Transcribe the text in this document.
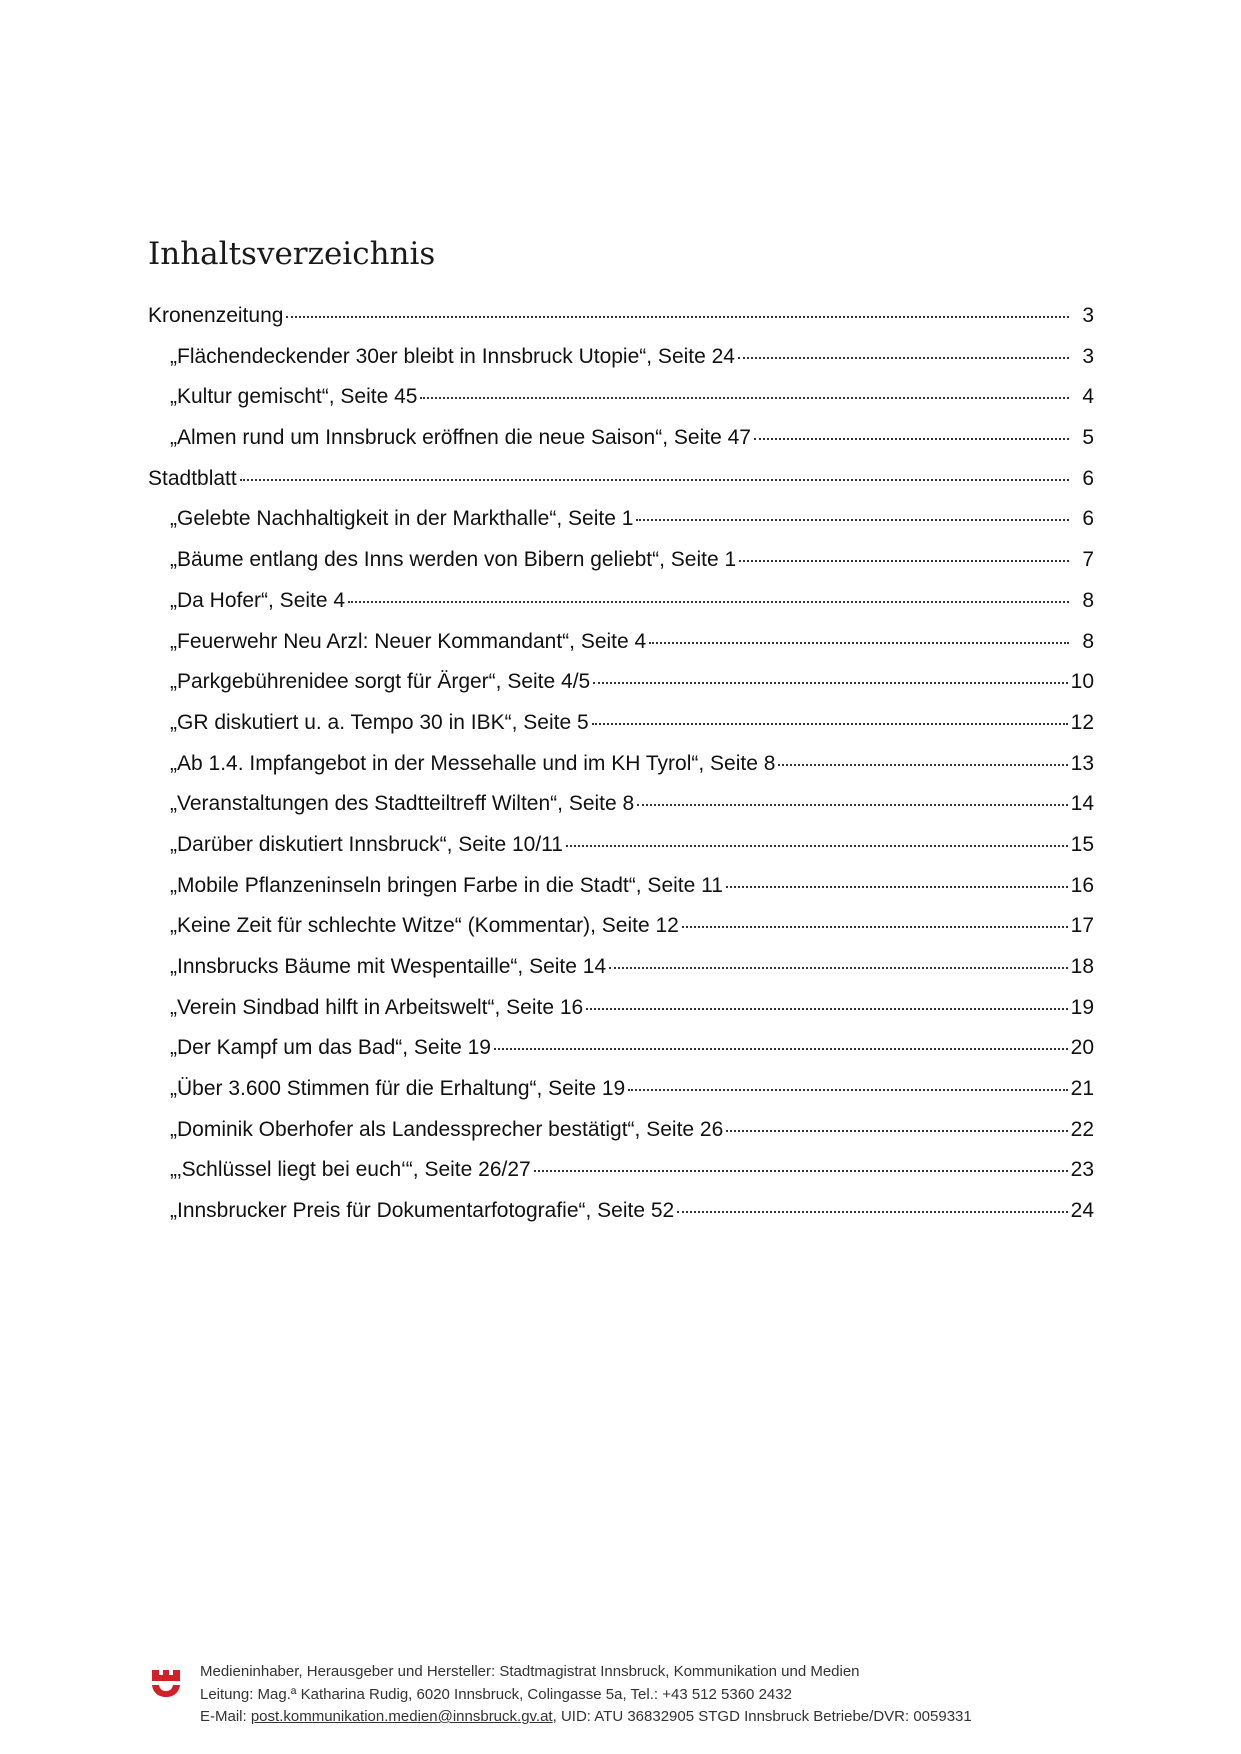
Inhaltsverzeichnis
Kronenzeitung	3
„Flächendeckender 30er bleibt in Innsbruck Utopie“, Seite 24	3
„Kultur gemischt“, Seite 45	4
„Almen rund um Innsbruck eröffnen die neue Saison“, Seite 47	5
Stadtblatt	6
„Gelebte Nachhaltigkeit in der Markthalle“, Seite 1	6
„Bäume entlang des Inns werden von Bibern geliebt“, Seite 1	7
„Da Hofer“, Seite 4	8
„Feuerwehr Neu Arzl: Neuer Kommandant“, Seite 4	8
„Parkgebührenidee sorgt für Ärger“, Seite 4/5	10
„GR diskutiert u. a. Tempo 30 in IBK“, Seite 5	12
„Ab 1.4. Impfangebot in der Messehalle und im KH Tyrol“, Seite 8	13
„Veranstaltungen des Stadtteiltreff Wilten“, Seite 8	14
„Darüber diskutiert Innsbruck“, Seite 10/11	15
„Mobile Pflanzeninseln bringen Farbe in die Stadt“, Seite 11	16
„Keine Zeit für schlechte Witze“ (Kommentar), Seite 12	17
„Innsbrucks Bäume mit Wespentaille“, Seite 14	18
„Verein Sindbad hilft in Arbeitswelt“, Seite 16	19
„Der Kampf um das Bad“, Seite 19	20
„Über 3.600 Stimmen für die Erhaltung“, Seite 19	21
„Dominik Oberhofer als Landessprecher bestätigt“, Seite 26	22
„‚Schlüssel liegt bei euch‘“, Seite 26/27	23
„Innsbrucker Preis für Dokumentarfotografie“, Seite 52	24
Medieninhaber, Herausgeber und Hersteller: Stadtmagistrat Innsbruck, Kommunikation und Medien
Leitung: Mag.ª Katharina Rudig, 6020 Innsbruck, Colingasse 5a, Tel.: +43 512 5360 2432
E-Mail: post.kommunikation.medien@innsbruck.gv.at, UID: ATU 36832905 STGD Innsbruck Betriebe/DVR: 0059331
